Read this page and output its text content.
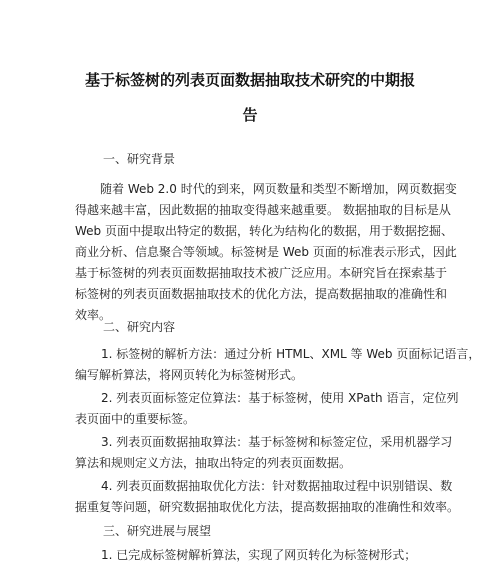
基于标签树的列表页面数据抽取技术研究的中期报
告
一、研究背景
随着 Web 2.0 时代的到来，网页数量和类型不断增加，网页数据变
得越来越丰富，因此数据的抽取变得越来越重要。 数据抽取的目标是从
Web 页面中提取出特定的数据，转化为结构化的数据，用于数据挖掘、
商业分析、信息聚合等领域。标签树是 Web 页面的标准表示形式，因此
基于标签树的列表页面数据抽取技术被广泛应用。本研究旨在探索基于
标签树的列表页面数据抽取技术的优化方法，提高数据抽取的准确性和
效率。
二、研究内容
1. 标签树的解析方法：通过分析 HTML、XML 等 Web 页面标记语言，
编写解析算法，将网页转化为标签树形式。
2. 列表页面标签定位算法：基于标签树，使用 XPath 语言，定位列
表页面中的重要标签。
3. 列表页面数据抽取算法：基于标签树和标签定位，采用机器学习
算法和规则定义方法，抽取出特定的列表页面数据。
4. 列表页面数据抽取优化方法：针对数据抽取过程中识别错误、数
据重复等问题，研究数据抽取优化方法，提高数据抽取的准确性和效率。
三、研究进展与展望
1. 已完成标签树解析算法，实现了网页转化为标签树形式；
